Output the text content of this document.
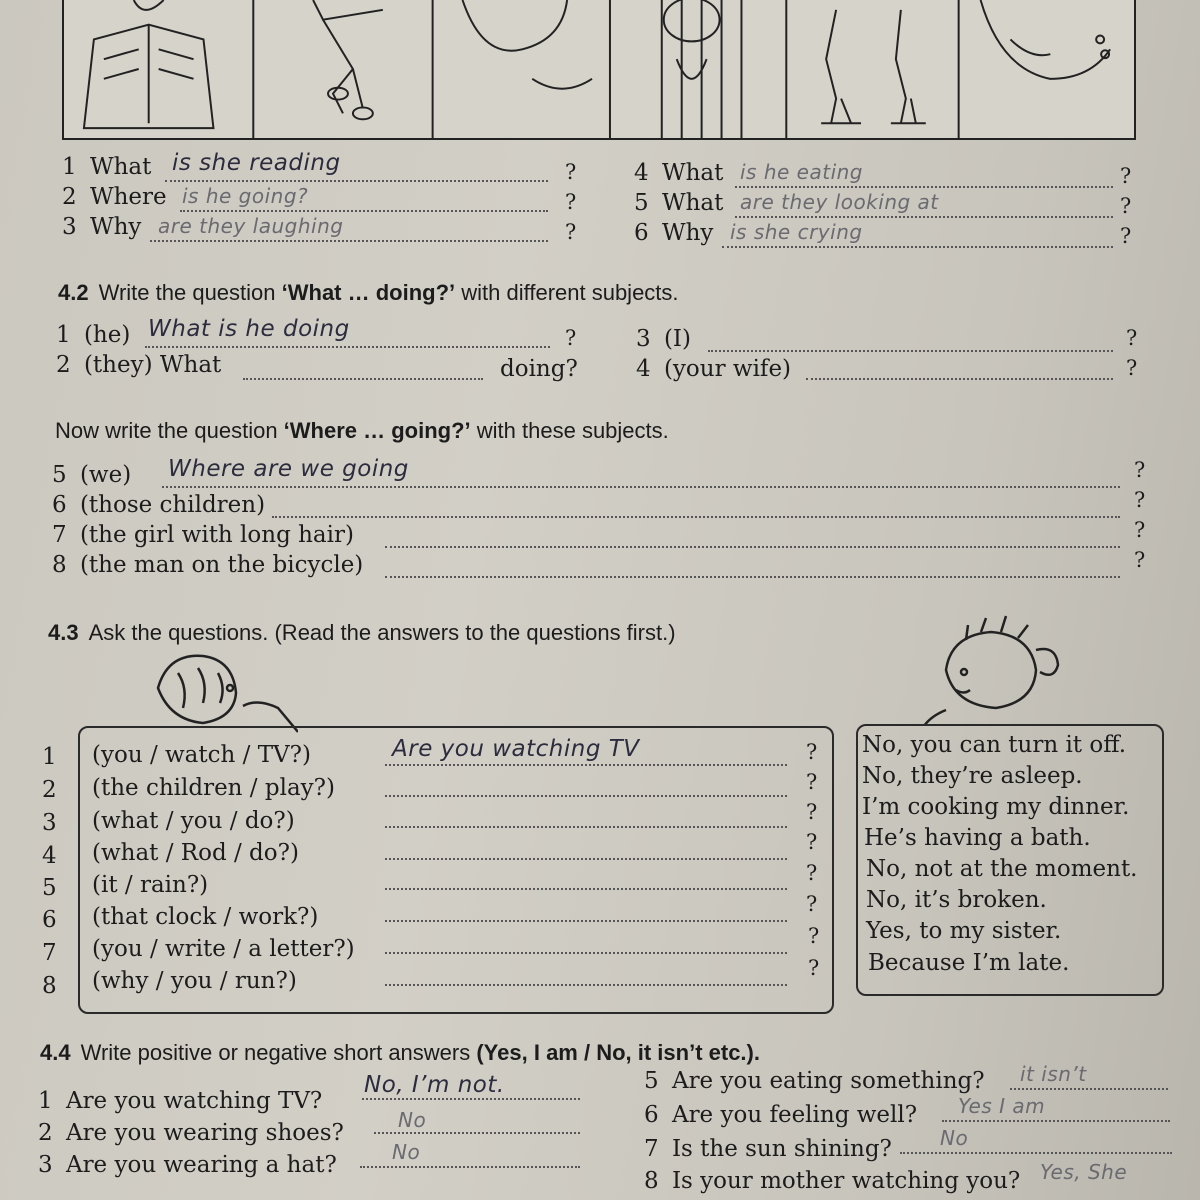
1 What is she reading	?
2 Where is he going?	?
3 Why are they laughing	?
4 What is he eating	?
5 What are they looking at	?
6 Why is she crying	?
4.2 Write the question ‘What … doing?’ with different subjects.
1 (he) What is he doing	?
2 (they) What	doing?
3 (I)	?
4 (your wife)	?
Now write the question ‘Where … going?’ with these subjects.
5 (we) Where are we going	?
6 (those children)	?
7 (the girl with long hair)	?
8 (the man on the bicycle)	?
4.3 Ask the questions. (Read the answers to the questions first.)
1 (you / watch / TV?)	Are you watching TV	?
2 (the children / play?)	?
3 (what / you / do?)	?
4 (what / Rod / do?)	?
5 (it / rain?)	?
6 (that clock / work?)	?
7 (you / write / a letter?)	?
8 (why / you / run?)	?
No, you can turn it off.
No, they’re asleep.
I’m cooking my dinner.
He’s having a bath.
No, not at the moment.
No, it’s broken.
Yes, to my sister.
Because I’m late.
4.4 Write positive or negative short answers (Yes, I am / No, it isn’t etc.).
1 Are you watching TV?
No, I’m not.
2 Are you wearing shoes?	No
3 Are you wearing a hat?	No
5 Are you eating something? it isn’t
6 Are you feeling well? Yes I am
7 Is the sun shining? No
8 Is your mother watching you? Yes, She
